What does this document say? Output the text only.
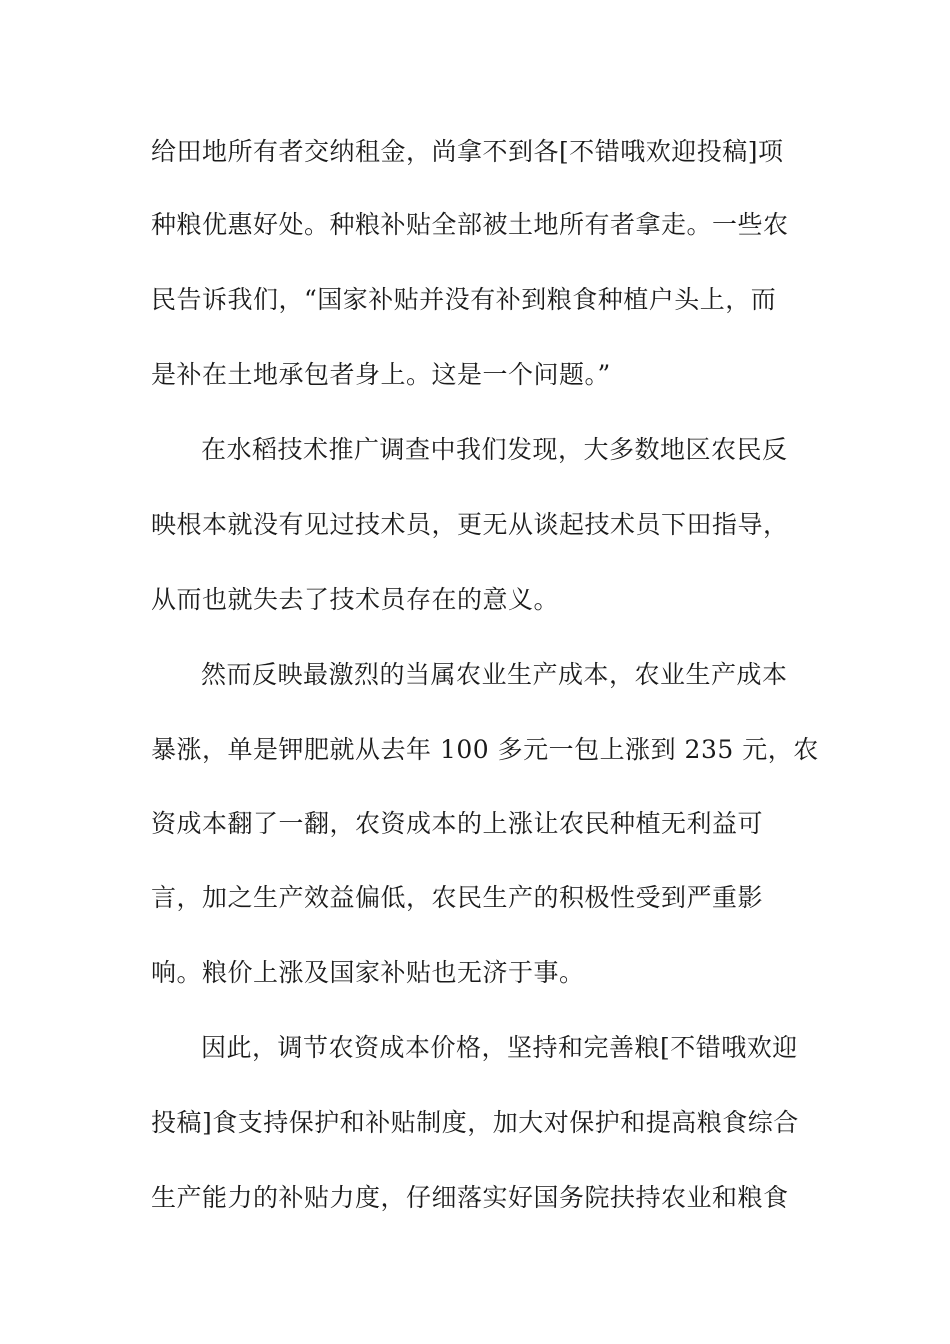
给田地所有者交纳租金，尚拿不到各[不错哦欢迎投稿]项

种粮优惠好处。种粮补贴全部被土地所有者拿走。一些农

民告诉我们，“国家补贴并没有补到粮食种植户头上，而

是补在土地承包者身上。这是一个问题。”

在水稻技术推广调查中我们发现，大多数地区农民反

映根本就没有见过技术员，更无从谈起技术员下田指导，

从而也就失去了技术员存在的意义。

然而反映最激烈的当属农业生产成本，农业生产成本

暴涨，单是钾肥就从去年 100 多元一包上涨到 235 元，农

资成本翻了一翻，农资成本的上涨让农民种植无利益可

言，加之生产效益偏低，农民生产的积极性受到严重影

响。粮价上涨及国家补贴也无济于事。

因此，调节农资成本价格，坚持和完善粮[不错哦欢迎

投稿]食支持保护和补贴制度，加大对保护和提高粮食综合

生产能力的补贴力度，仔细落实好国务院扶持农业和粮食
